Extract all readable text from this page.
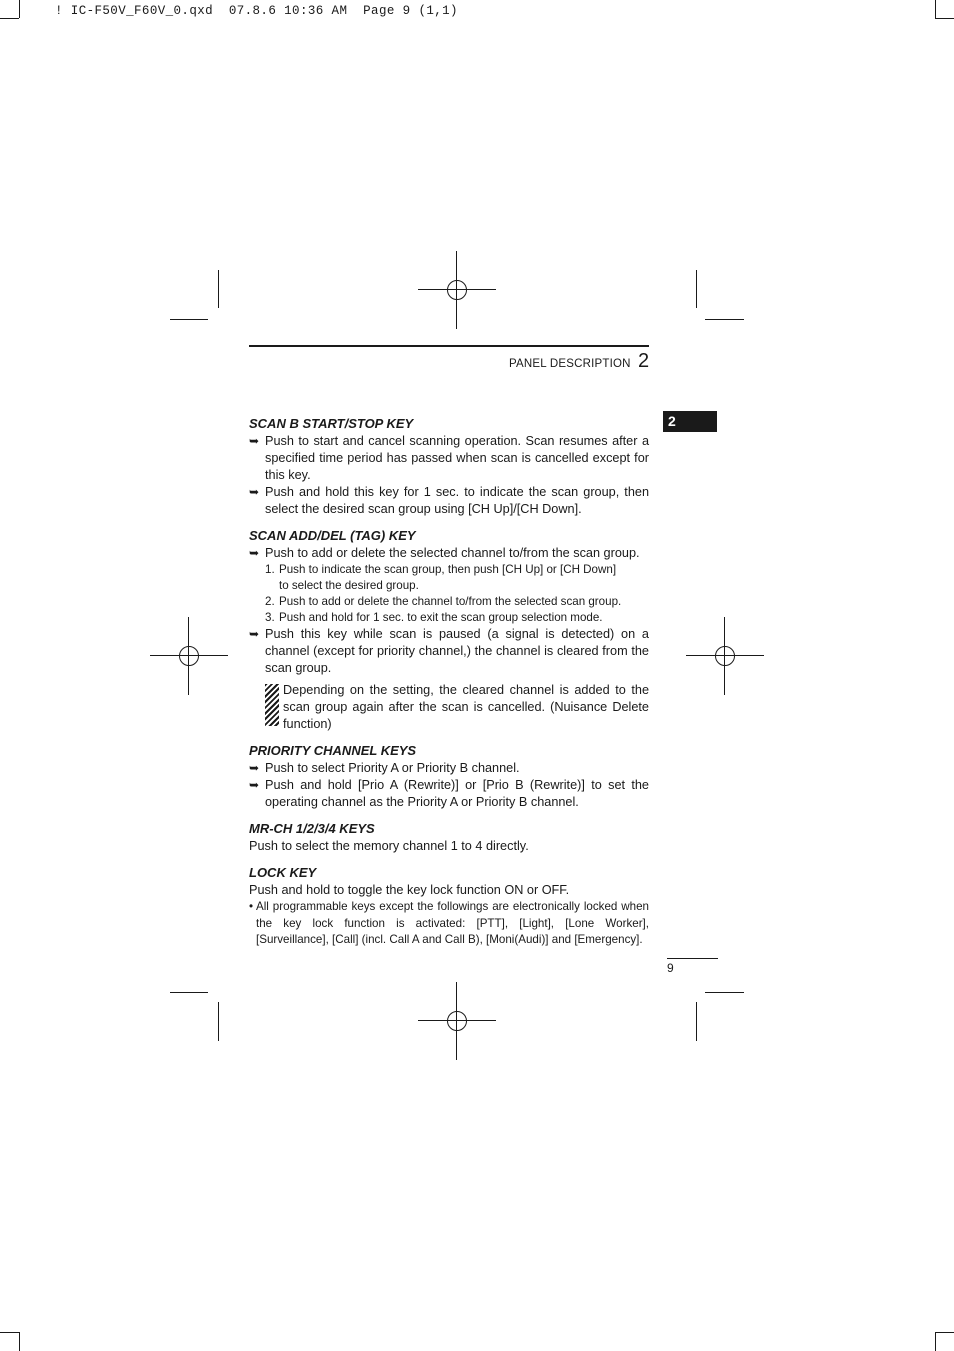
! IC-F50V_F60V_0.qxd  07.8.6 10:36 AM  Page 9 (1,1)
PANEL DESCRIPTION 2
2

SCAN B START/STOP KEY

➥ Push to start and cancel scanning operation. Scan resumes after a specified time period has passed when scan is cancelled except for this key.
➥ Push and hold this key for 1 sec. to indicate the scan group, then select the desired scan group using [CH Up]/[CH Down].

SCAN ADD/DEL (TAG) KEY

➥ Push to add or delete the selected channel to/from the scan group.
1. Push to indicate the scan group, then push [CH Up] or [CH Down]
to select the desired group.
2. Push to add or delete the channel to/from the selected scan group.
3. Push and hold for 1 sec. to exit the scan group selection mode.
➥ Push this key while scan is paused (a signal is detected) on a channel (except for priority channel,) the channel is cleared from the scan group.
Depending on the setting, the cleared channel is added to the scan group again after the scan is cancelled. (Nuisance Delete function)

PRIORITY CHANNEL KEYS

➥ Push to select Priority A or Priority B channel.
➥ Push and hold [Prio A (Rewrite)] or [Prio B (Rewrite)] to set the operating channel as the Priority A or Priority B channel.

MR-CH 1/2/3/4 KEYS

Push to select the memory channel 1 to 4 directly.

LOCK KEY

Push and hold to toggle the key lock function ON or OFF.

• All programmable keys except the followings are electronically locked when the key lock function is activated: [PTT], [Light], [Lone Worker], [Surveillance], [Call] (incl. Call A and Call B), [Moni(Audi)] and [Emergency].
9
